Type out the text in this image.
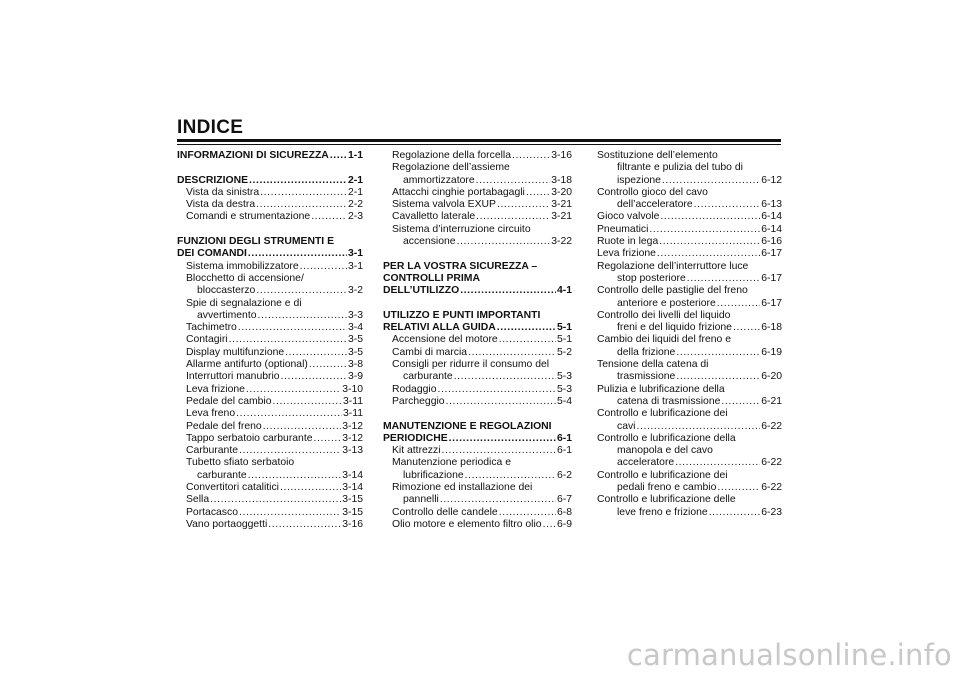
INDICE
INFORMAZIONI DI SICUREZZA ..... 1-1
DESCRIZIONE .....	2-1
Vista da sinistra .....	2-1
Vista da destra .....	2-2
Comandi e strumentazione .....	2-3
FUNZIONI DEGLI STRUMENTI E
DEI COMANDI .....	3-1
Sistema immobilizzatore .....	3-1
Blocchetto di accensione/
bloccasterzo .....	3-2
Spie di segnalazione e di
avvertimento .....	3-3
Tachimetro .....	3-4
Contagiri .....	3-5
Display multifunzione .....	3-5
Allarme antifurto (optional) .....	3-8
Interruttori manubrio .....	3-9
Leva frizione .....	3-10
Pedale del cambio .....	3-11
Leva freno .....	3-11
Pedale del freno .....	3-12
Tappo serbatoio carburante .....	3-12
Carburante .....	3-13
Tubetto sfiato serbatoio
carburante .....	3-14
Convertitori catalitici .....	3-14
Sella .....	3-15
Portacasco .....	3-15
Vano portaoggetti .....	3-16
Regolazione della forcella .....	3-16
Regolazione dell’assieme
ammortizzatore .....	3-18
Attacchi cinghie portabagagli .....	3-20
Sistema valvola EXUP .....	3-21
Cavalletto laterale .....	3-21
Sistema d’interruzione circuito
accensione .....	3-22
PER LA VOSTRA SICUREZZA –
CONTROLLI PRIMA
DELL’UTILIZZO .....	4-1
UTILIZZO E PUNTI IMPORTANTI
RELATIVI ALLA GUIDA .....	5-1
Accensione del motore .....	5-1
Cambi di marcia .....	5-2
Consigli per ridurre il consumo del
carburante .....	5-3
Rodaggio .....	5-3
Parcheggio .....	5-4
MANUTENZIONE E REGOLAZIONI
PERIODICHE .....	6-1
Kit attrezzi .....	6-1
Manutenzione periodica e
lubrificazione .....	6-2
Rimozione ed installazione dei
pannelli .....	6-7
Controllo delle candele .....	6-8
Olio motore e elemento filtro olio ..... 6-9
Sostituzione dell’elemento
filtrante e pulizia del tubo di
ispezione .....	6-12
Controllo gioco del cavo
dell’acceleratore .....	6-13
Gioco valvole .....	6-14
Pneumatici .....	6-14
Ruote in lega .....	6-16
Leva frizione .....	6-17
Regolazione dell’interruttore luce
stop posteriore .....	6-17
Controllo delle pastiglie del freno
anteriore e posteriore .....	6-17
Controllo dei livelli del liquido
freni e del liquido frizione .....	6-18
Cambio dei liquidi del freno e
della frizione .....	6-19
Tensione della catena di
trasmissione .....	6-20
Pulizia e lubrificazione della
catena di trasmissione .....	6-21
Controllo e lubrificazione dei
cavi .....	6-22
Controllo e lubrificazione della
manopola e del cavo
acceleratore .....	6-22
Controllo e lubrificazione dei
pedali freno e cambio .....	6-22
Controllo e lubrificazione delle
leve freno e frizione .....	6-23
carmanualsonline.info
